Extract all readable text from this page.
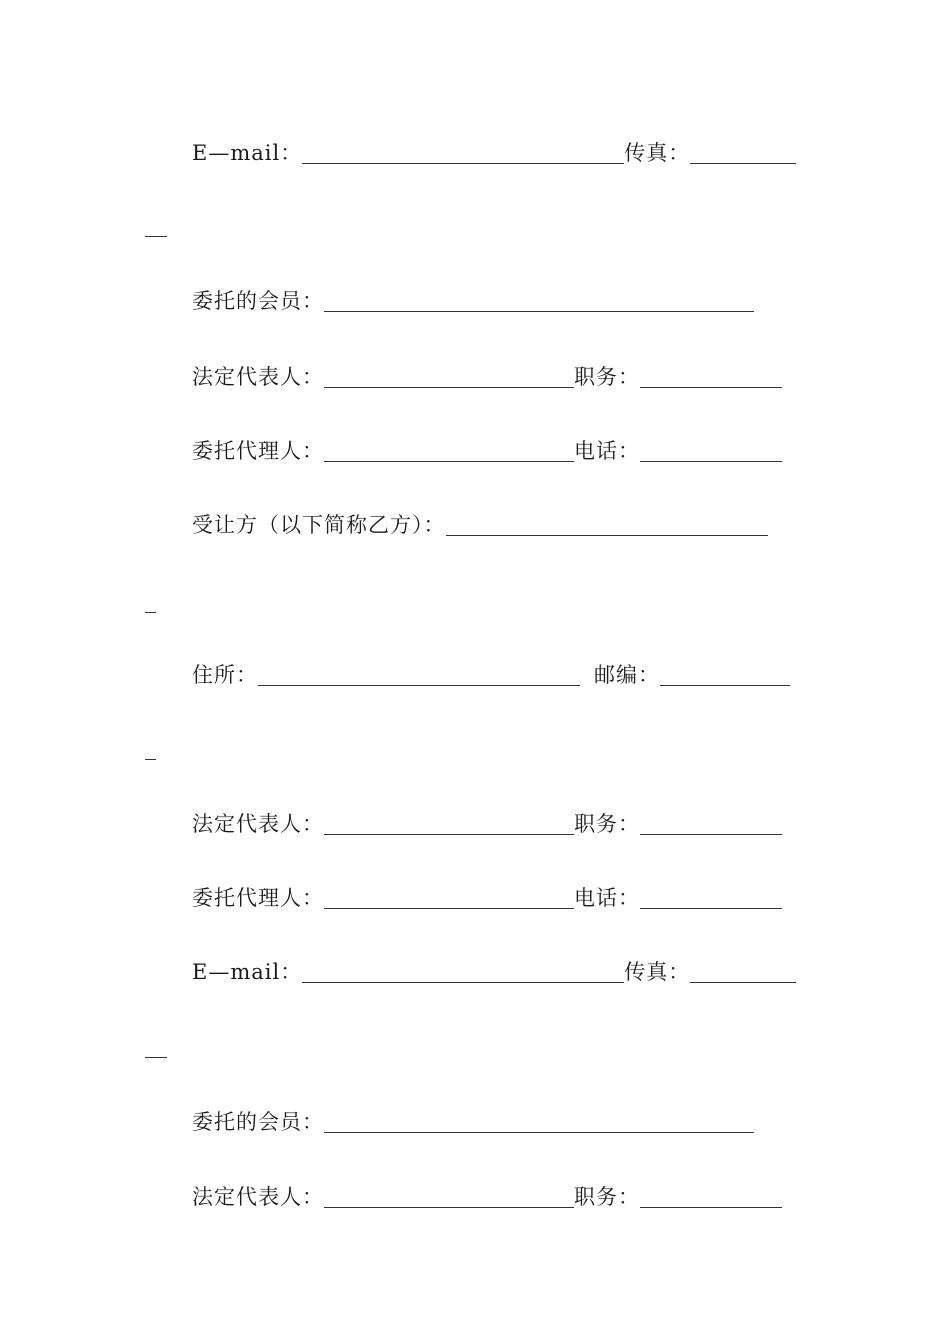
E—mail：	传真：
委托的会员：
法定代表人：	职务：
委托代理人：	电话：
受让方（以下简称乙方）：
住所：	邮编：
法定代表人：	职务：
委托代理人：	电话：
E—mail：	传真：
委托的会员：
法定代表人：	职务：
